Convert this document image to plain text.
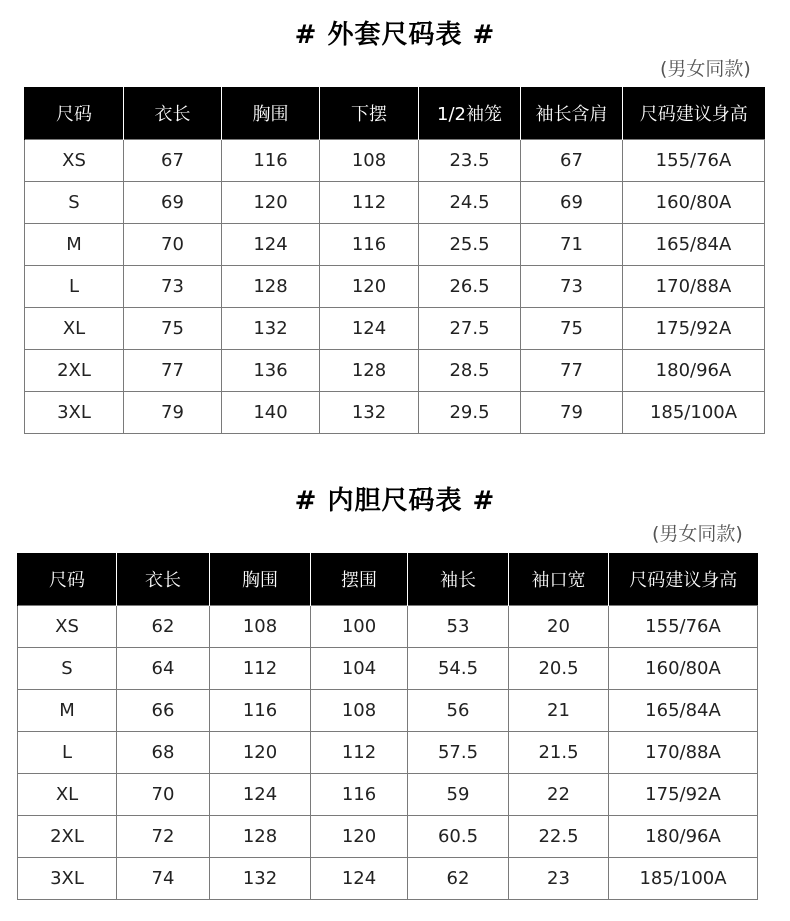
# 外套尺码表 #

(男女同款)

尺码	衣长	胸围	下摆	1/2袖笼	袖长含肩	尺码建议身高
XS	67	116	108	23.5	67	155/76A
S	69	120	112	24.5	69	160/80A
M	70	124	116	25.5	71	165/84A
L	73	128	120	26.5	73	170/88A
XL	75	132	124	27.5	75	175/92A
2XL	77	136	128	28.5	77	180/96A
3XL	79	140	132	29.5	79	185/100A
# 内胆尺码表 #

(男女同款)

尺码	衣长	胸围	摆围	袖长	袖口宽	尺码建议身高
XS	62	108	100	53	20	155/76A
S	64	112	104	54.5	20.5	160/80A
M	66	116	108	56	21	165/84A
L	68	120	112	57.5	21.5	170/88A
XL	70	124	116	59	22	175/92A
2XL	72	128	120	60.5	22.5	180/96A
3XL	74	132	124	62	23	185/100A
